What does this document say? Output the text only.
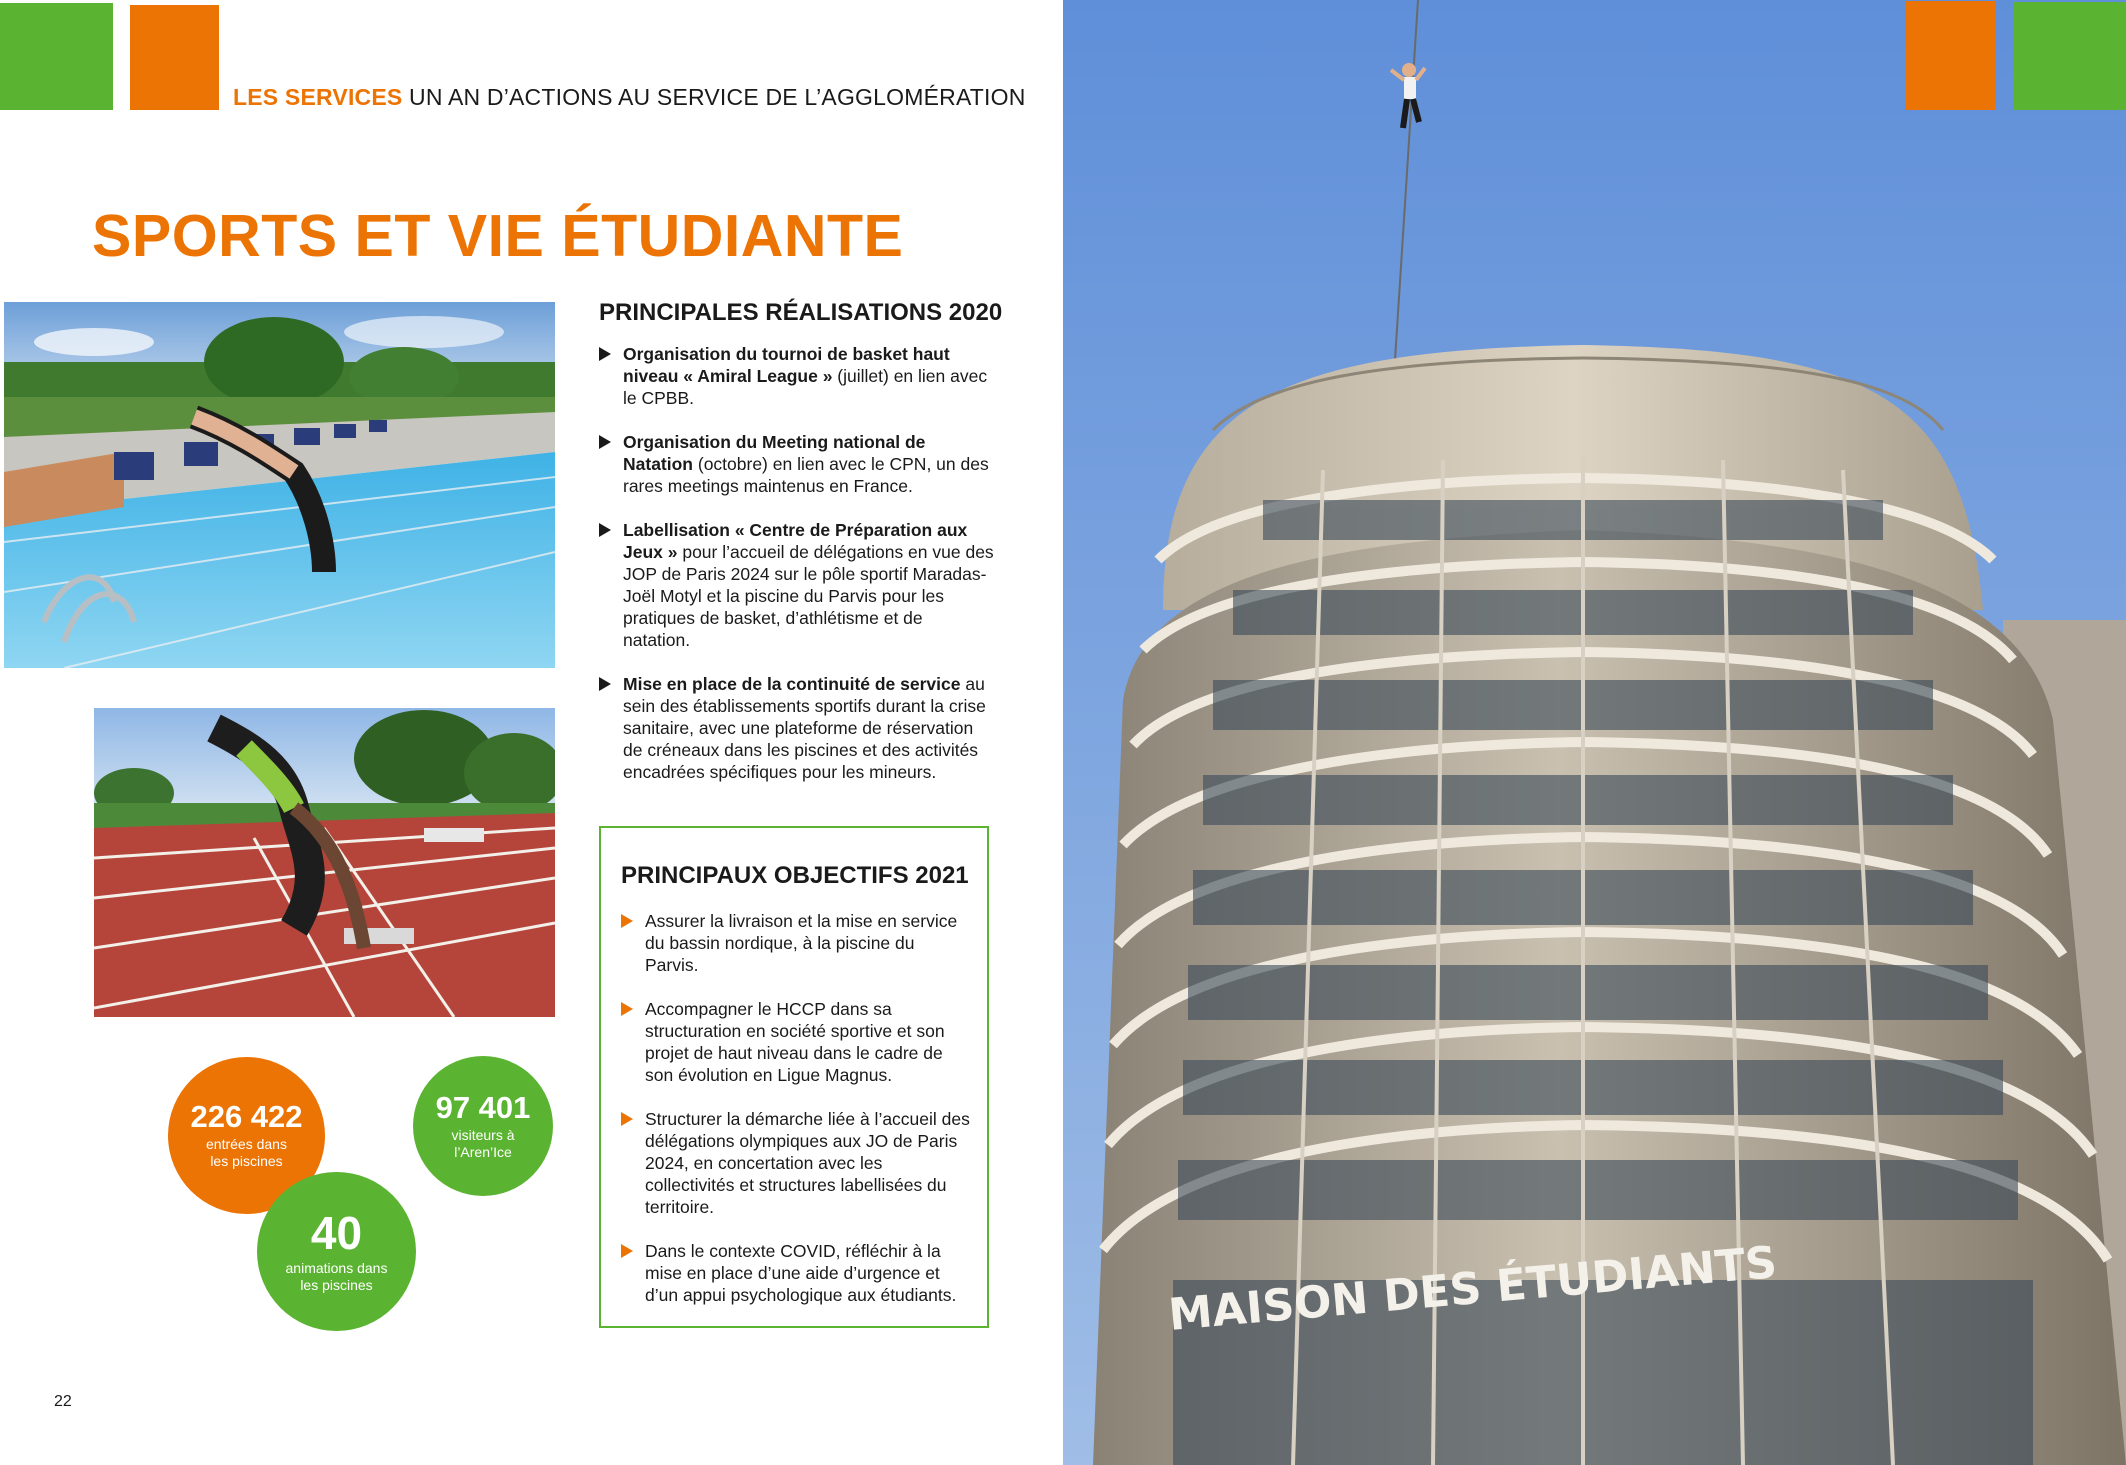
LES SERVICES UN AN D’ACTIONS AU SERVICE DE L’AGGLOMÉRATION
SPORTS ET VIE ÉTUDIANTE
226 422
entrées dans les piscines
97 401
visiteurs à l’Aren’Ice
40
animations dans les piscines
PRINCIPALES RÉALISATIONS 2020
Organisation du tournoi de basket haut niveau « Amiral League » (juillet) en lien avec le CPBB.
Organisation du Meeting national de Natation (octobre) en lien avec le CPN, un des rares meetings maintenus en France.
Labellisation « Centre de Préparation aux Jeux » pour l’accueil de délégations en vue des JOP de Paris 2024 sur le pôle sportif Maradas-Joël Motyl et la piscine du Parvis pour les pratiques de basket, d’athlétisme et de natation.
Mise en place de la continuité de service au sein des établissements sportifs durant la crise sanitaire, avec une plateforme de réservation de créneaux dans les piscines et des activités encadrées spécifiques pour les mineurs.
PRINCIPAUX OBJECTIFS 2021
Assurer la livraison et la mise en service du bassin nordique, à la piscine du Parvis.
Accompagner le HCCP dans sa structuration en société sportive et son projet de haut niveau dans le cadre de son évolution en Ligue Magnus.
Structurer la démarche liée à l’accueil des délégations olympiques aux JO de Paris 2024, en concertation avec les collectivités et structures labellisées du territoire.
Dans le contexte COVID, réfléchir à la mise en place d’une aide d’urgence et d’un appui psychologique aux étudiants.
22
MAISON DES ÉTUDIANTS
